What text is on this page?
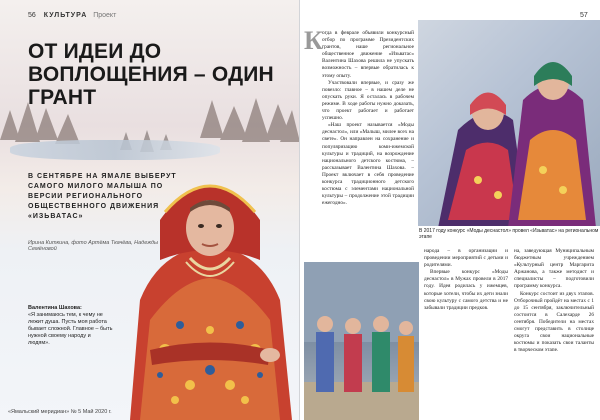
56 КУЛЬТУРА Проект
ОТ ИДЕИ ДО ВОПЛОЩЕНИЯ – ОДИН ГРАНТ
В СЕНТЯБРЕ НА ЯМАЛЕ ВЫБЕРУТ САМОГО МИЛОГО МАЛЫША ПО ВЕРСИИ РЕГИОНАЛЬНОГО ОБЩЕСТВЕННОГО ДВИЖЕНИЯ «ИЗЬВАТАС»
Ирина Киткина, фото Артёма Ткачёва, Надежды Семёновой
Валентина Шахова:
«Я занимаюсь тем, к чему не лежит душа. Пусть моя работа бывает сложной. Главное – быть нужной своему народу и людям».
«Ямальский меридиан» № 5 Май 2020 г.
57
К огда в феврале объявили конкурсный отбор по программе Президентских грантов, наше региональное общественное движение «Изьватас» Валентина Шахова решила не упускать возможность – впервые обратилась к этому опыту.

Участвовали впервые, и сразу же повезло: главное – в нашем деле не опускать руки. Я осталась в рабочем режиме. В ходе работы нужно доказать, что проект работает и работает успешно.

«Наш проект называется «Моды деснастол», или «Малыш, милее всех на свете». Он направлен на сохранение и популяризацию коми-ижемской культуры и традиций, на возрождение национального детского костюма, – рассказывает Валентина Шахова. – Проект включает в себя проведение конкурса традиционного детского костюма с элементами национальной культуры – продолжение этой традиции ежегодно».

В 2017 году конкурс «Моды деснастол» провел «Изьватас» на региональном этапе

народа – в организации и проведении мероприятий с детьми и родителями.

Впервые конкурс «Моды деснастол» в Мужах провели в 2017 году. Идея родилась у ижемцев, которые хотели, чтобы их дети знали свою культуру с самого детства и не забывали традиции предков.

на, заведующая Муниципальным бюджетным учреждением «Культурный центр Маргарита Аржанова, а также методист и специалисты – подготовили программу конкурса.

Конкурс состоит из двух этапов. Отборочный пройдёт на местах с 1 до 15 сентября, заключительный состоится в Салехарде 26 сентября. Победители на местах смогут представить в столице округа свои национальные костюмы и показать свои таланты в творческом этапе.
